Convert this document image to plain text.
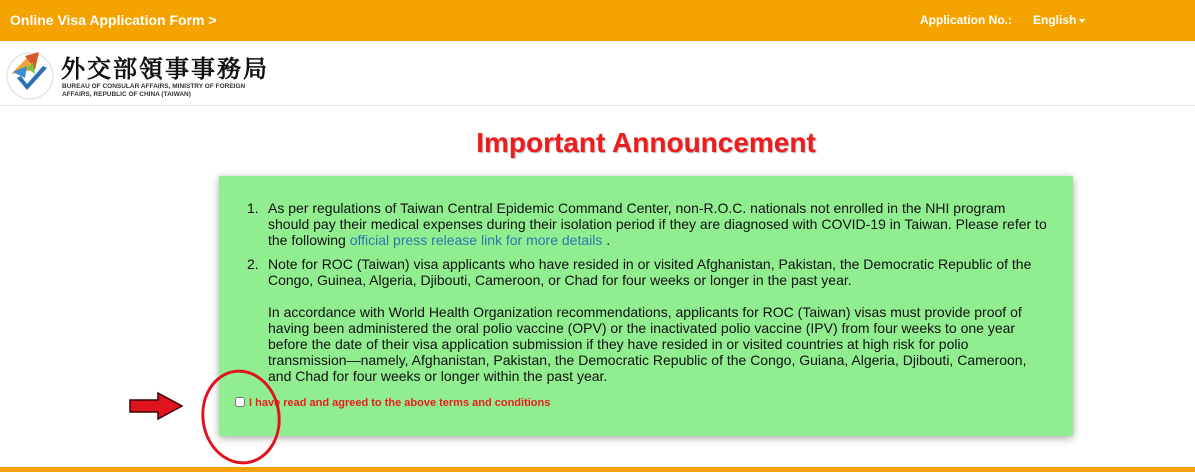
Online Visa Application Form >	Application No.: English
外交部領事事務局
BUREAU OF CONSULAR AFFAIRS, MINISTRY OF FOREIGN
AFFAIRS, REPUBLIC OF CHINA (TAIWAN)
Important Announcement
1. As per regulations of Taiwan Central Epidemic Command Center, non-R.O.C. nationals not enrolled in the NHI program should pay their medical expenses during their isolation period if they are diagnosed with COVID-19 in Taiwan. Please refer to the following official press release link for more details .
2. Note for ROC (Taiwan) visa applicants who have resided in or visited Afghanistan, Pakistan, the Democratic Republic of the Congo, Guinea, Algeria, Djibouti, Cameroon, or Chad for four weeks or longer in the past year.
In accordance with World Health Organization recommendations, applicants for ROC (Taiwan) visas must provide proof of having been administered the oral polio vaccine (OPV) or the inactivated polio vaccine (IPV) from four weeks to one year before the date of their visa application submission if they have resided in or visited countries at high risk for polio transmission—namely, Afghanistan, Pakistan, the Democratic Republic of the Congo, Guiana, Algeria, Djibouti, Cameroon, and Chad for four weeks or longer within the past year.
I have read and agreed to the above terms and conditions
